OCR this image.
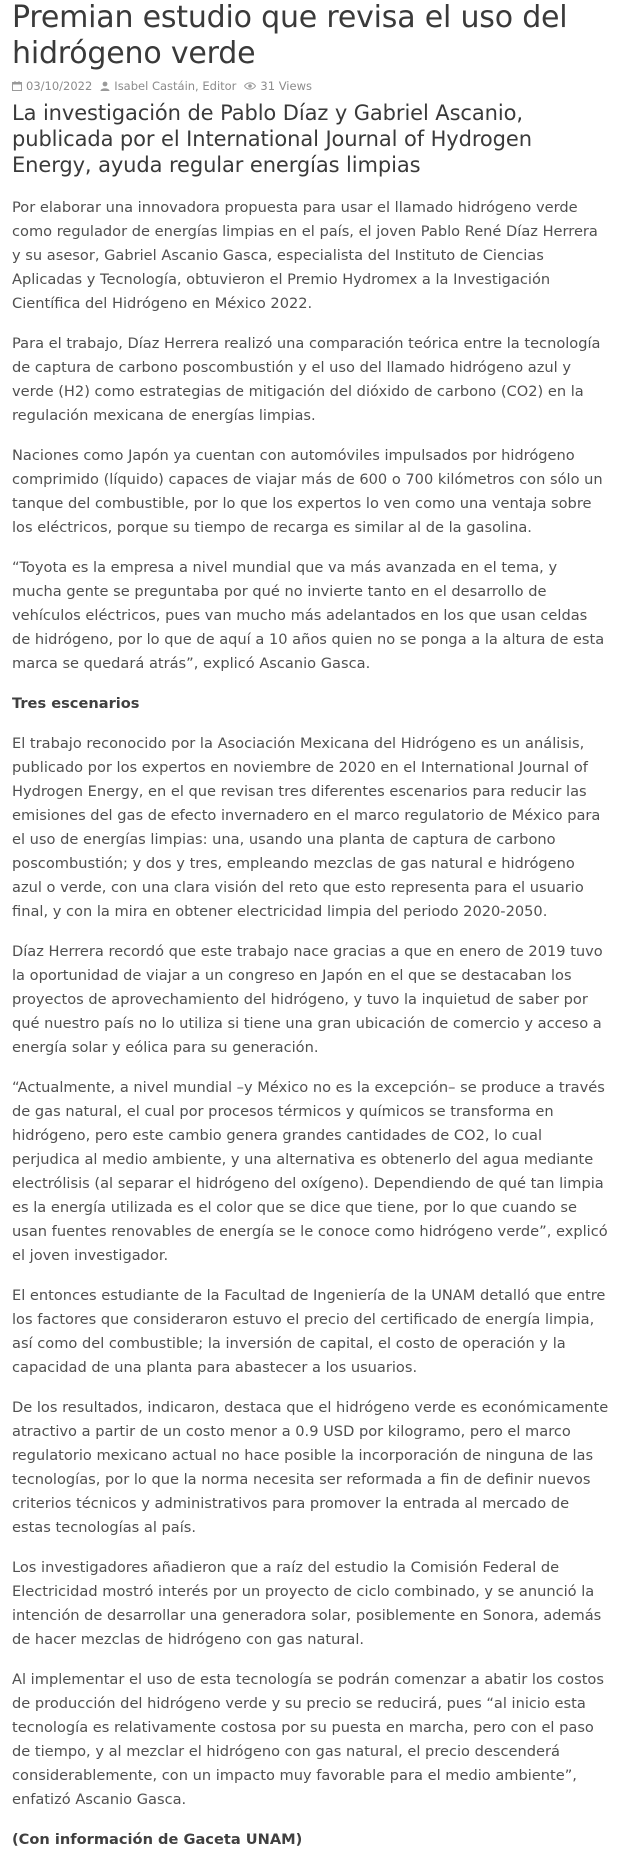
Premian estudio que revisa el uso del hidrógeno verde
03/10/2022 Isabel Castáin, Editor 31 Views
La investigación de Pablo Díaz y Gabriel Ascanio, publicada por el International Journal of Hydrogen Energy, ayuda regular energías limpias

Por elaborar una innovadora propuesta para usar el llamado hidrógeno verde como regulador de energías limpias en el país, el joven Pablo René Díaz Herrera y su asesor, Gabriel Ascanio Gasca, especialista del Instituto de Ciencias Aplicadas y Tecnología, obtuvieron el Premio Hydromex a la Investigación Científica del Hidrógeno en México 2022.

Para el trabajo, Díaz Herrera realizó una comparación teórica entre la tecnología de captura de carbono poscombustión y el uso del llamado hidrógeno azul y verde (H2) como estrategias de mitigación del dióxido de carbono (CO2) en la regulación mexicana de energías limpias.

Naciones como Japón ya cuentan con automóviles impulsados por hidrógeno comprimido (líquido) capaces de viajar más de 600 o 700 kilómetros con sólo un tanque del combustible, por lo que los expertos lo ven como una ventaja sobre los eléctricos, porque su tiempo de recarga es similar al de la gasolina.

“Toyota es la empresa a nivel mundial que va más avanzada en el tema, y mucha gente se preguntaba por qué no invierte tanto en el desarrollo de vehículos eléctricos, pues van mucho más adelantados en los que usan celdas de hidrógeno, por lo que de aquí a 10 años quien no se ponga a la altura de esta marca se quedará atrás”, explicó Ascanio Gasca.

Tres escenarios

El trabajo reconocido por la Asociación Mexicana del Hidrógeno es un análisis, publicado por los expertos en noviembre de 2020 en el International Journal of Hydrogen Energy, en el que revisan tres diferentes escenarios para reducir las emisiones del gas de efecto invernadero en el marco regulatorio de México para el uso de energías limpias: una, usando una planta de captura de carbono poscombustión; y dos y tres, empleando mezclas de gas natural e hidrógeno azul o verde, con una clara visión del reto que esto representa para el usuario final, y con la mira en obtener electricidad limpia del periodo 2020-2050.

Díaz Herrera recordó que este trabajo nace gracias a que en enero de 2019 tuvo la oportunidad de viajar a un congreso en Japón en el que se destacaban los proyectos de aprovechamiento del hidrógeno, y tuvo la inquietud de saber por qué nuestro país no lo utiliza si tiene una gran ubicación de comercio y acceso a energía solar y eólica para su generación.

“Actualmente, a nivel mundial –y México no es la excepción– se produce a través de gas natural, el cual por procesos térmicos y químicos se transforma en hidrógeno, pero este cambio genera grandes cantidades de CO2, lo cual perjudica al medio ambiente, y una alternativa es obtenerlo del agua mediante electrólisis (al separar el hidrógeno del oxígeno). Dependiendo de qué tan limpia es la energía utilizada es el color que se dice que tiene, por lo que cuando se usan fuentes renovables de energía se le conoce como hidrógeno verde”, explicó el joven investigador.

El entonces estudiante de la Facultad de Ingeniería de la UNAM detalló que entre los factores que consideraron estuvo el precio del certificado de energía limpia, así como del combustible; la inversión de capital, el costo de operación y la capacidad de una planta para abastecer a los usuarios.

De los resultados, indicaron, destaca que el hidrógeno verde es económicamente atractivo a partir de un costo menor a 0.9 USD por kilogramo, pero el marco regulatorio mexicano actual no hace posible la incorporación de ninguna de las tecnologías, por lo que la norma necesita ser reformada a fin de definir nuevos criterios técnicos y administrativos para promover la entrada al mercado de estas tecnologías al país.

Los investigadores añadieron que a raíz del estudio la Comisión Federal de Electricidad mostró interés por un proyecto de ciclo combinado, y se anunció la intención de desarrollar una generadora solar, posiblemente en Sonora, además de hacer mezclas de hidrógeno con gas natural.

Al implementar el uso de esta tecnología se podrán comenzar a abatir los costos de producción del hidrógeno verde y su precio se reducirá, pues “al inicio esta tecnología es relativamente costosa por su puesta en marcha, pero con el paso de tiempo, y al mezclar el hidrógeno con gas natural, el precio descenderá considerablemente, con un impacto muy favorable para el medio ambiente”, enfatizó Ascanio Gasca.

(Con información de Gaceta UNAM)
